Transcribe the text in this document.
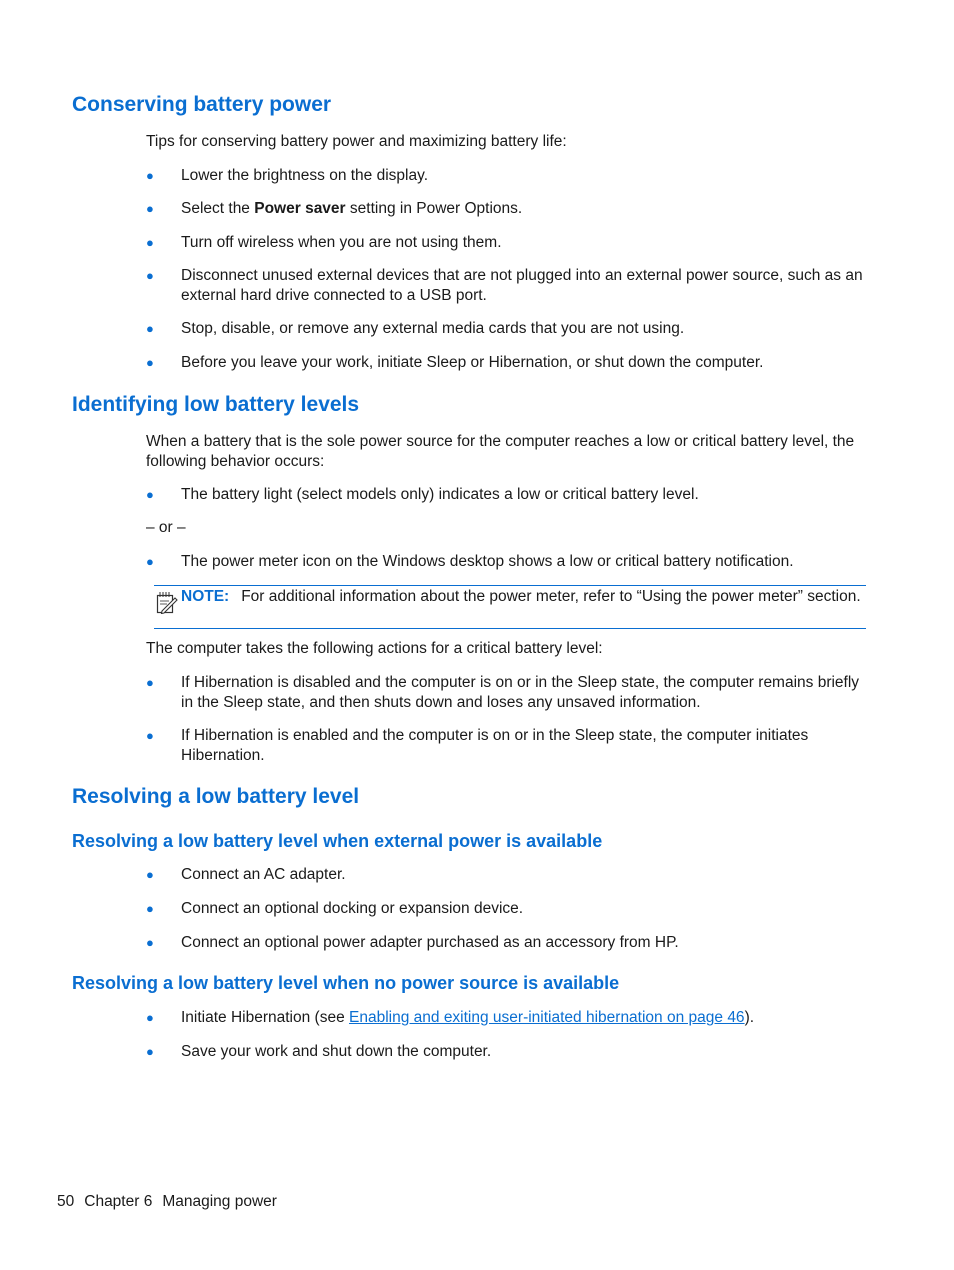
Conserving battery power

Tips for conserving battery power and maximizing battery life:

● Lower the brightness on the display.
● Select the Power saver setting in Power Options.
● Turn off wireless when you are not using them.
● Disconnect unused external devices that are not plugged into an external power source, such as an external hard drive connected to a USB port.
● Stop, disable, or remove any external media cards that you are not using.
● Before you leave your work, initiate Sleep or Hibernation, or shut down the computer.
Identifying low battery levels

When a battery that is the sole power source for the computer reaches a low or critical battery level, the following behavior occurs:

● The battery light (select models only) indicates a low or critical battery level.

– or –

● The power meter icon on the Windows desktop shows a low or critical battery notification.
NOTE: For additional information about the power meter, refer to “Using the power meter” section.

The computer takes the following actions for a critical battery level:

● If Hibernation is disabled and the computer is on or in the Sleep state, the computer remains briefly in the Sleep state, and then shuts down and loses any unsaved information.
● If Hibernation is enabled and the computer is on or in the Sleep state, the computer initiates Hibernation.
Resolving a low battery level
Resolving a low battery level when external power is available
● Connect an AC adapter.
● Connect an optional docking or expansion device.
● Connect an optional power adapter purchased as an accessory from HP.
Resolving a low battery level when no power source is available
● Initiate Hibernation (see Enabling and exiting user-initiated hibernation on page 46).
● Save your work and shut down the computer.
50 Chapter 6 Managing power
